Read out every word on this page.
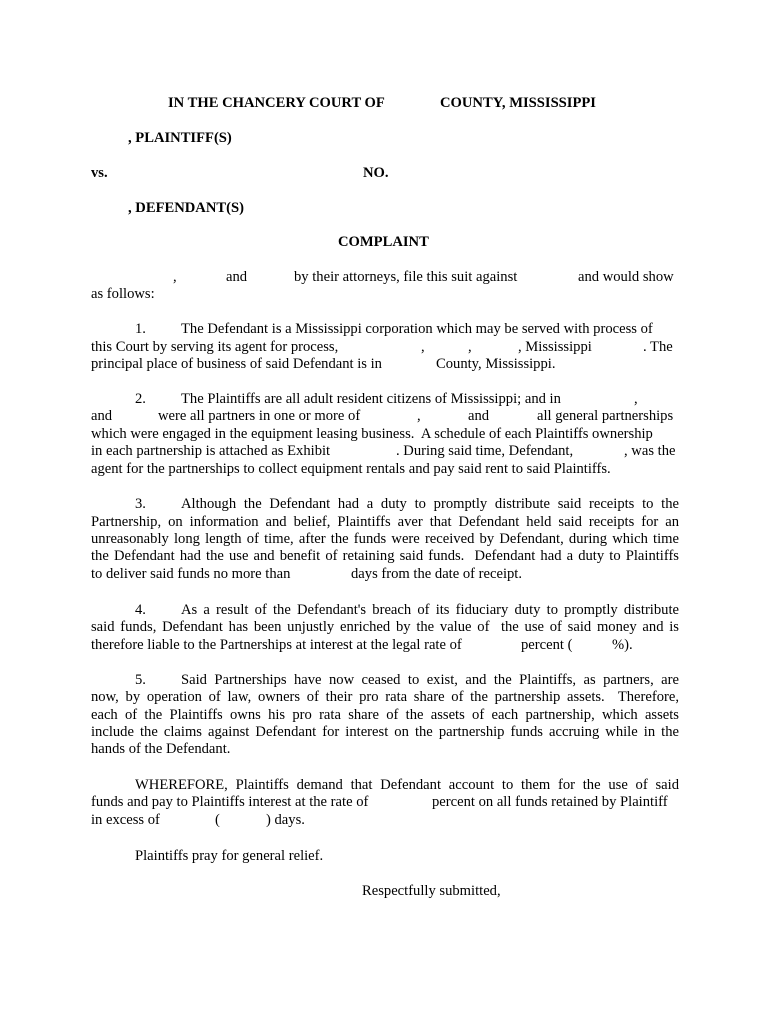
IN THE CHANCERY COURT OF	COUNTY, MISSISSIPPI
, PLAINTIFF(S)
vs.	NO.
, DEFENDANT(S)
COMPLAINT
,	and	by their attorneys, file this suit against	and would show
as follows:
1. The Defendant is a Mississippi corporation which may be served with process of
this Court by serving its agent for process,	,	,	, Mississippi	. The
principal place of business of said Defendant is in	County, Mississippi.
2. The Plaintiffs are all adult resident citizens of Mississippi; and in	,
and	were all partners in one or more of	,	and	all general partnerships
which were engaged in the equipment leasing business.  A schedule of each Plaintiffs ownership
in each partnership is attached as Exhibit	. During said time, Defendant,	, was the
agent for the partnerships to collect equipment rentals and pay said rent to said Plaintiffs.
3. Although the Defendant had a duty to promptly distribute said receipts to the
Partnership, on information and belief, Plaintiffs aver that Defendant held said receipts for an
unreasonably long length of time, after the funds were received by Defendant, during which time
the Defendant had the use and benefit of retaining said funds.  Defendant had a duty to Plaintiffs
to deliver said funds no more than	days from the date of receipt.
4. As a result of the Defendant's breach of its fiduciary duty to promptly distribute
said funds, Defendant has been unjustly enriched by the value of  the use of said money and is
therefore liable to the Partnerships at interest at the legal rate of	percent (	%).
5. Said Partnerships have now ceased to exist, and the Plaintiffs, as partners, are
now, by operation of law, owners of their pro rata share of the partnership assets.  Therefore,
each of the Plaintiffs owns his pro rata share of the assets of each partnership, which assets
include the claims against Defendant for interest on the partnership funds accruing while in the
hands of the Defendant.
WHEREFORE, Plaintiffs demand that Defendant account to them for the use of said
funds and pay to Plaintiffs interest at the rate of	percent on all funds retained by Plaintiff
in excess of	(	) days.
Plaintiffs pray for general relief.
Respectfully submitted,
